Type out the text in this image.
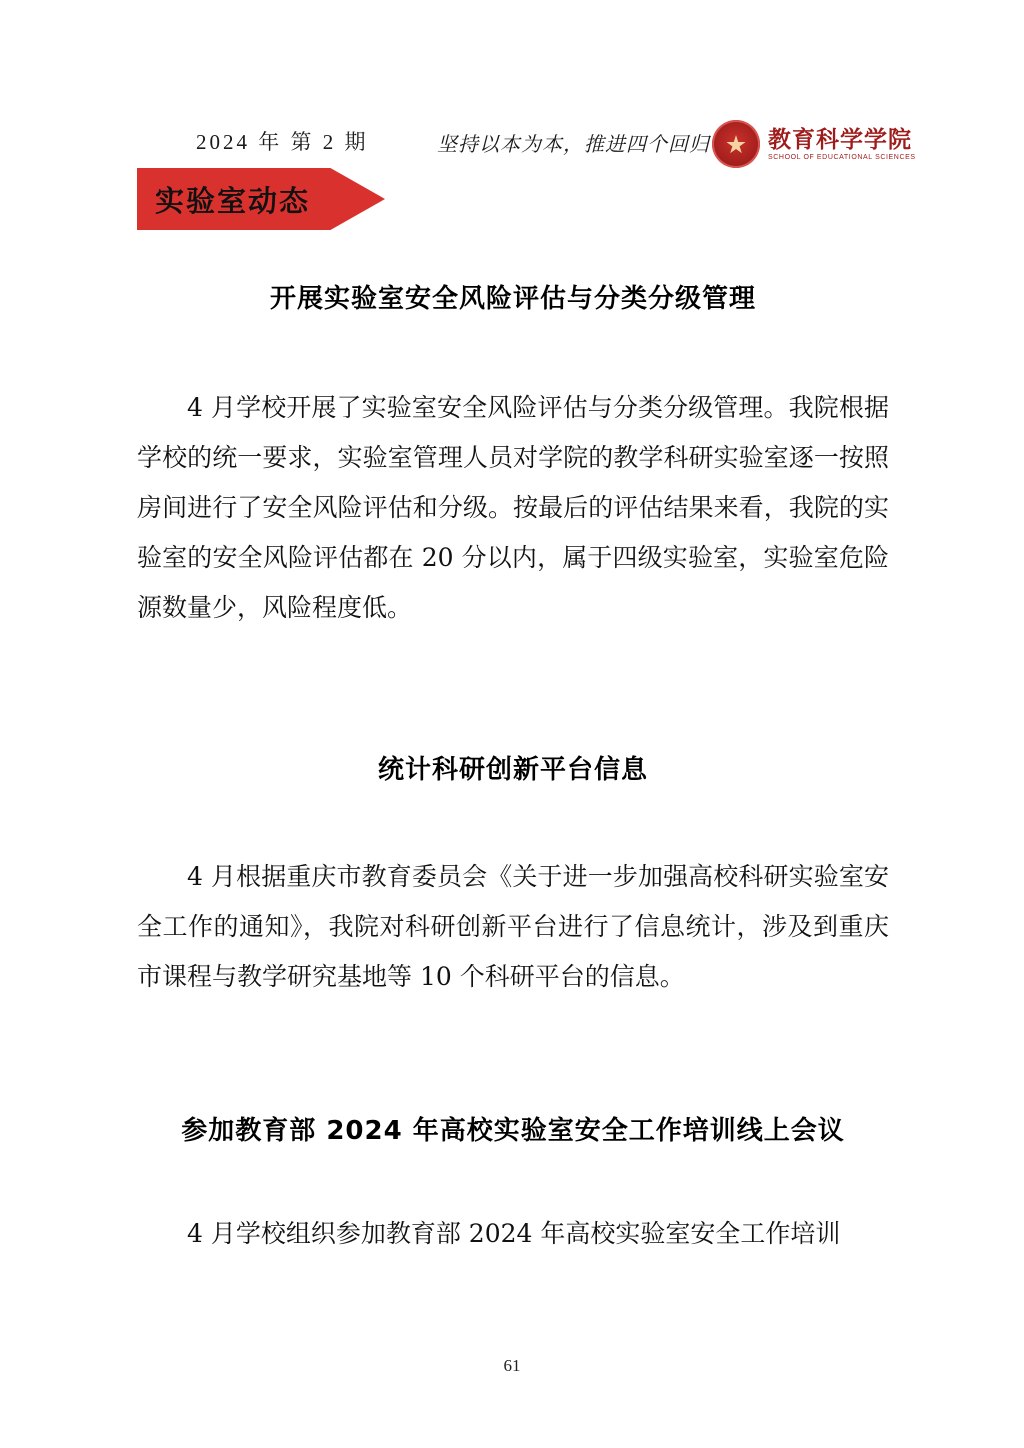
2024 年 第 2 期	坚持以本为本，推进四个回归	教育科学学院
SCHOOL OF EDUCATIONAL SCIENCES
实验室动态
开展实验室安全风险评估与分类分级管理
4 月学校开展了实验室安全风险评估与分类分级管理。我院根据学校的统一要求，实验室管理人员对学院的教学科研实验室逐一按照房间进行了安全风险评估和分级。按最后的评估结果来看，我院的实验室的安全风险评估都在 20 分以内，属于四级实验室，实验室危险源数量少，风险程度低。
统计科研创新平台信息
4 月根据重庆市教育委员会《关于进一步加强高校科研实验室安全工作的通知》，我院对科研创新平台进行了信息统计，涉及到重庆市课程与教学研究基地等 10 个科研平台的信息。
参加教育部 2024 年高校实验室安全工作培训线上会议
4 月学校组织参加教育部 2024 年高校实验室安全工作培训
61
